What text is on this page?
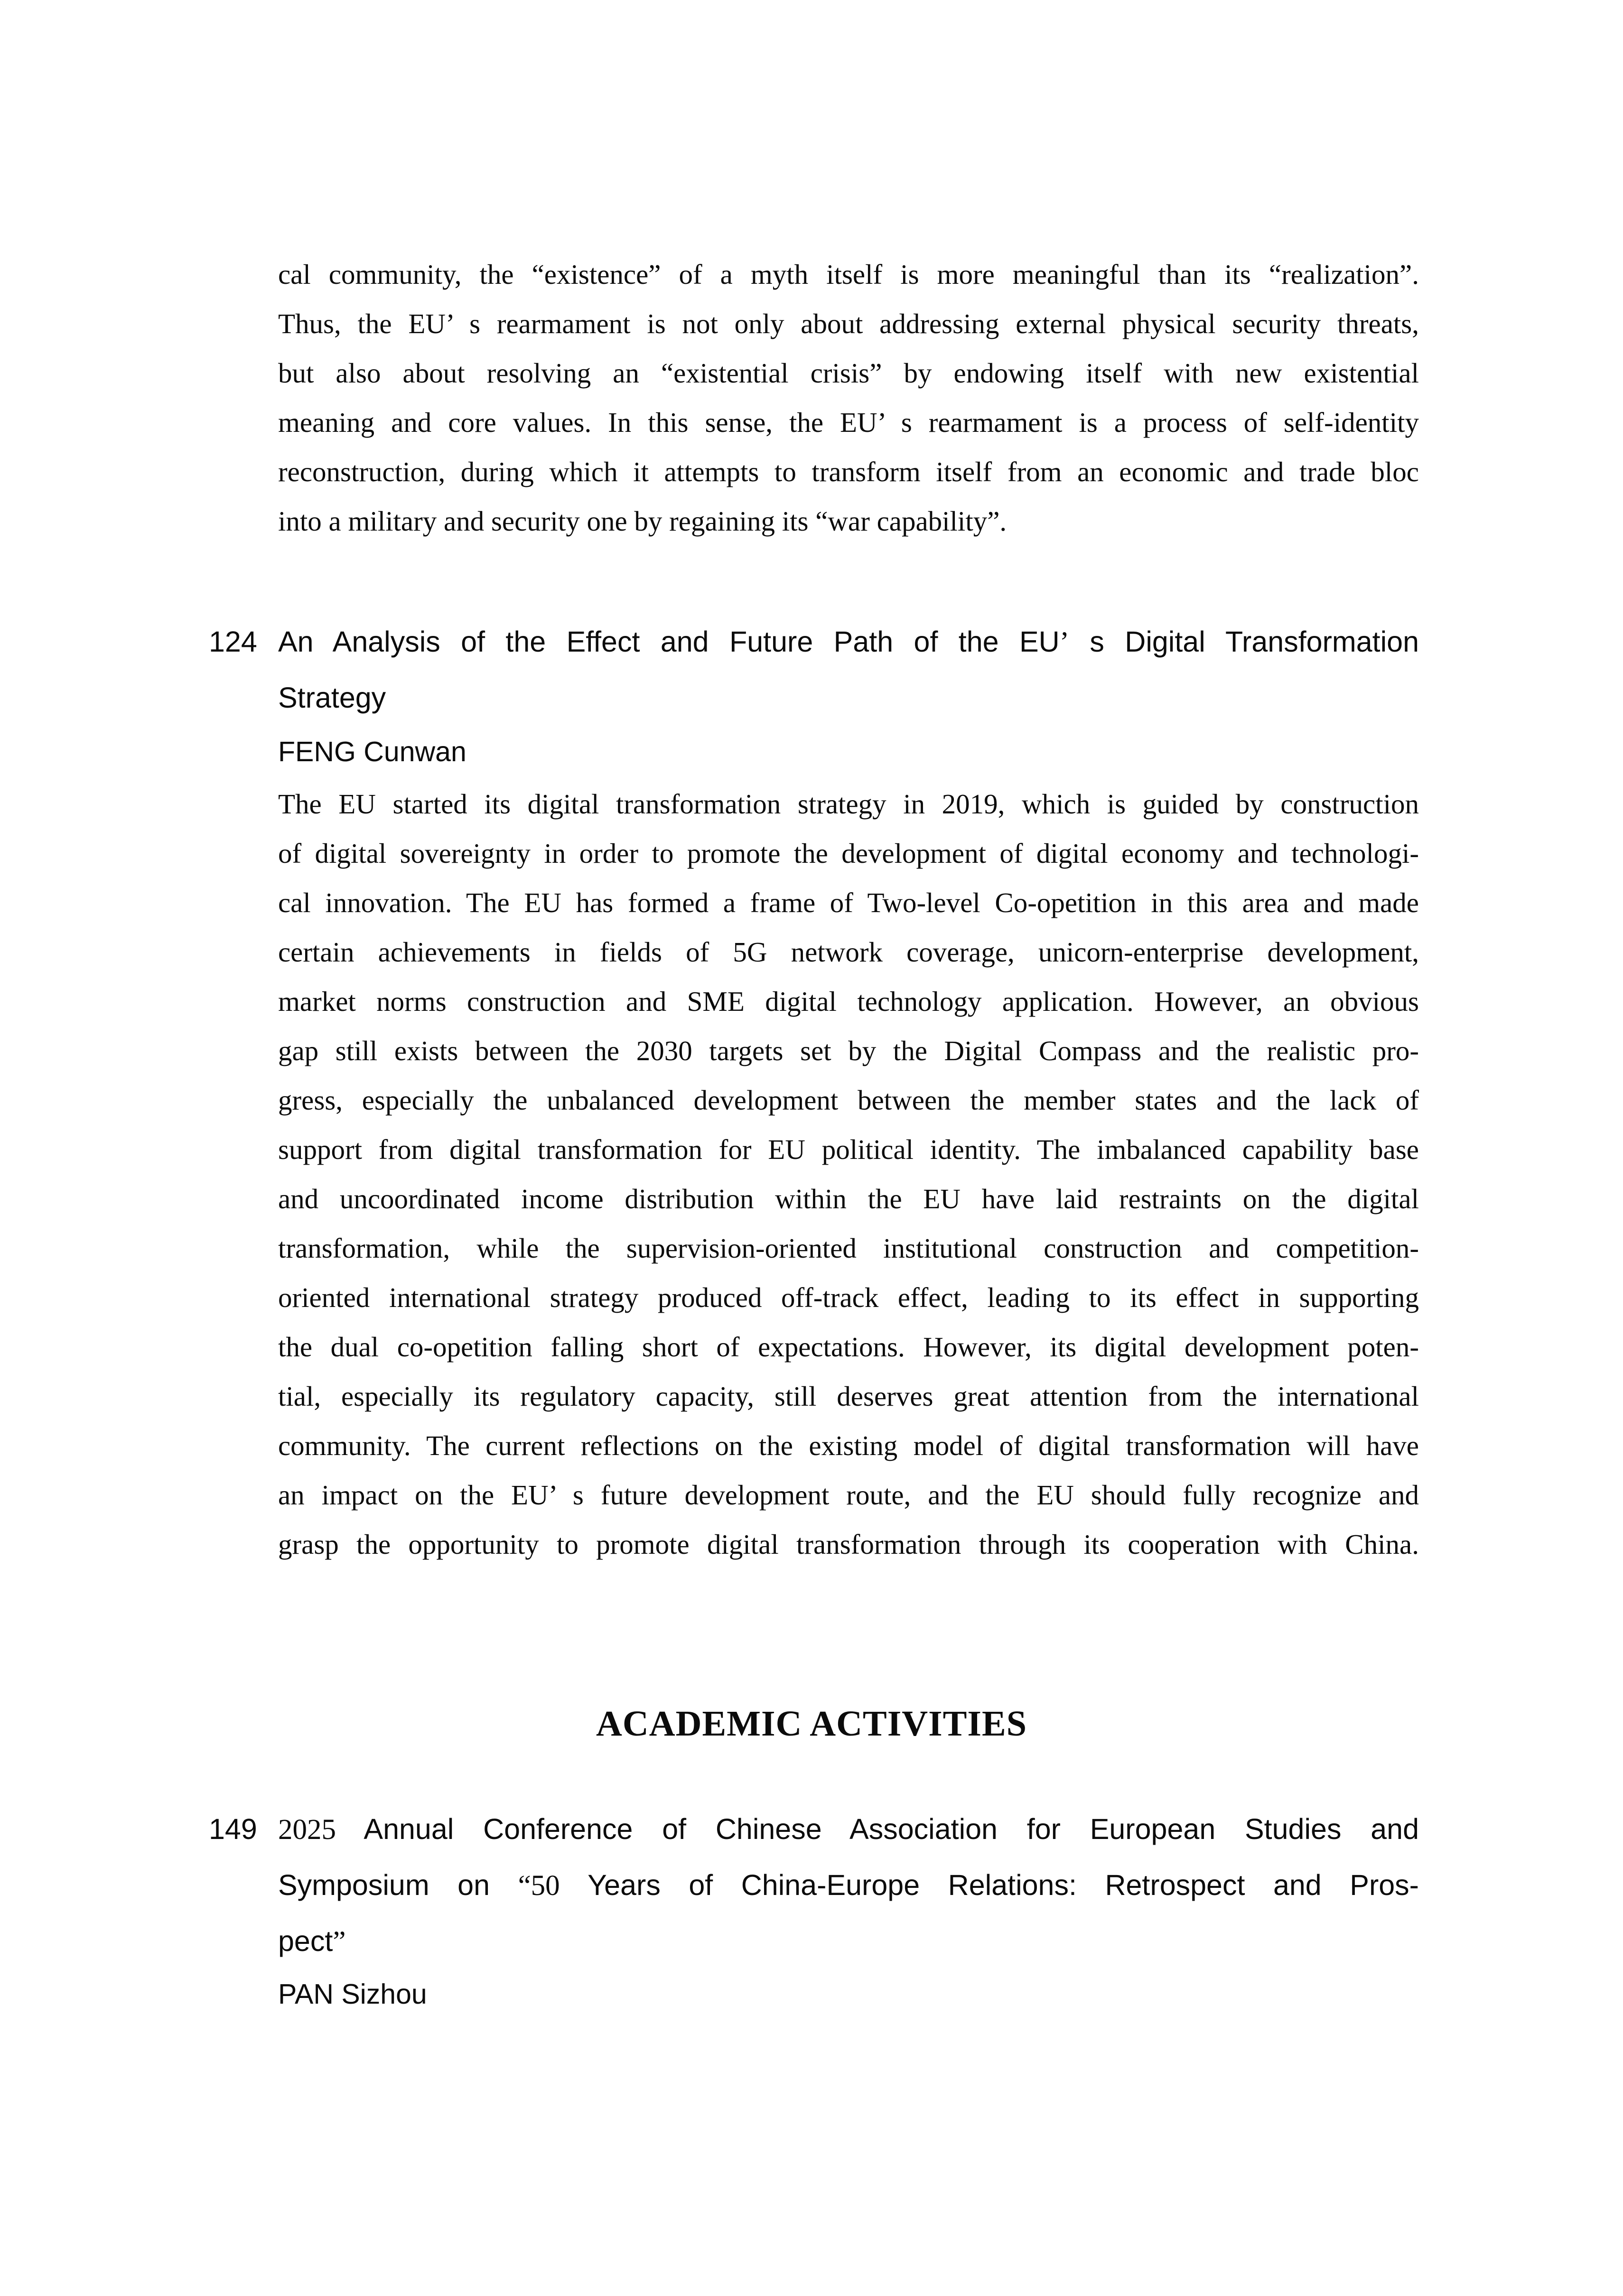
cal community, the “existence” of a myth itself is more meaningful than its “realization”.
Thus, the EU’ s rearmament is not only about addressing external physical security threats,
but also about resolving an “existential crisis” by endowing itself with new existential
meaning and core values. In this sense, the EU’ s rearmament is a process of self-identity
reconstruction, during which it attempts to transform itself from an economic and trade bloc
into a military and security one by regaining its “war capability”.
124 An Analysis of the Effect and Future Path of the EU’ s Digital Transformation
Strategy
FENG Cunwan
The EU started its digital transformation strategy in 2019, which is guided by construction
of digital sovereignty in order to promote the development of digital economy and technologi-
cal innovation. The EU has formed a frame of Two-level Co-opetition in this area and made
certain achievements in fields of 5G network coverage, unicorn-enterprise development,
market norms construction and SME digital technology application. However, an obvious
gap still exists between the 2030 targets set by the Digital Compass and the realistic pro-
gress, especially the unbalanced development between the member states and the lack of
support from digital transformation for EU political identity. The imbalanced capability base
and uncoordinated income distribution within the EU have laid restraints on the digital
transformation, while the supervision-oriented institutional construction and competition-
oriented international strategy produced off-track effect, leading to its effect in supporting
the dual co-opetition falling short of expectations. However, its digital development poten-
tial, especially its regulatory capacity, still deserves great attention from the international
community. The current reflections on the existing model of digital transformation will have
an impact on the EU’ s future development route, and the EU should fully recognize and
grasp the opportunity to promote digital transformation through its cooperation with China.
ACADEMIC ACTIVITIES
149 2025 Annual Conference of Chinese Association for European Studies and
Symposium on “50 Years of China-Europe Relations: Retrospect and Pros-
pect”
PAN Sizhou
